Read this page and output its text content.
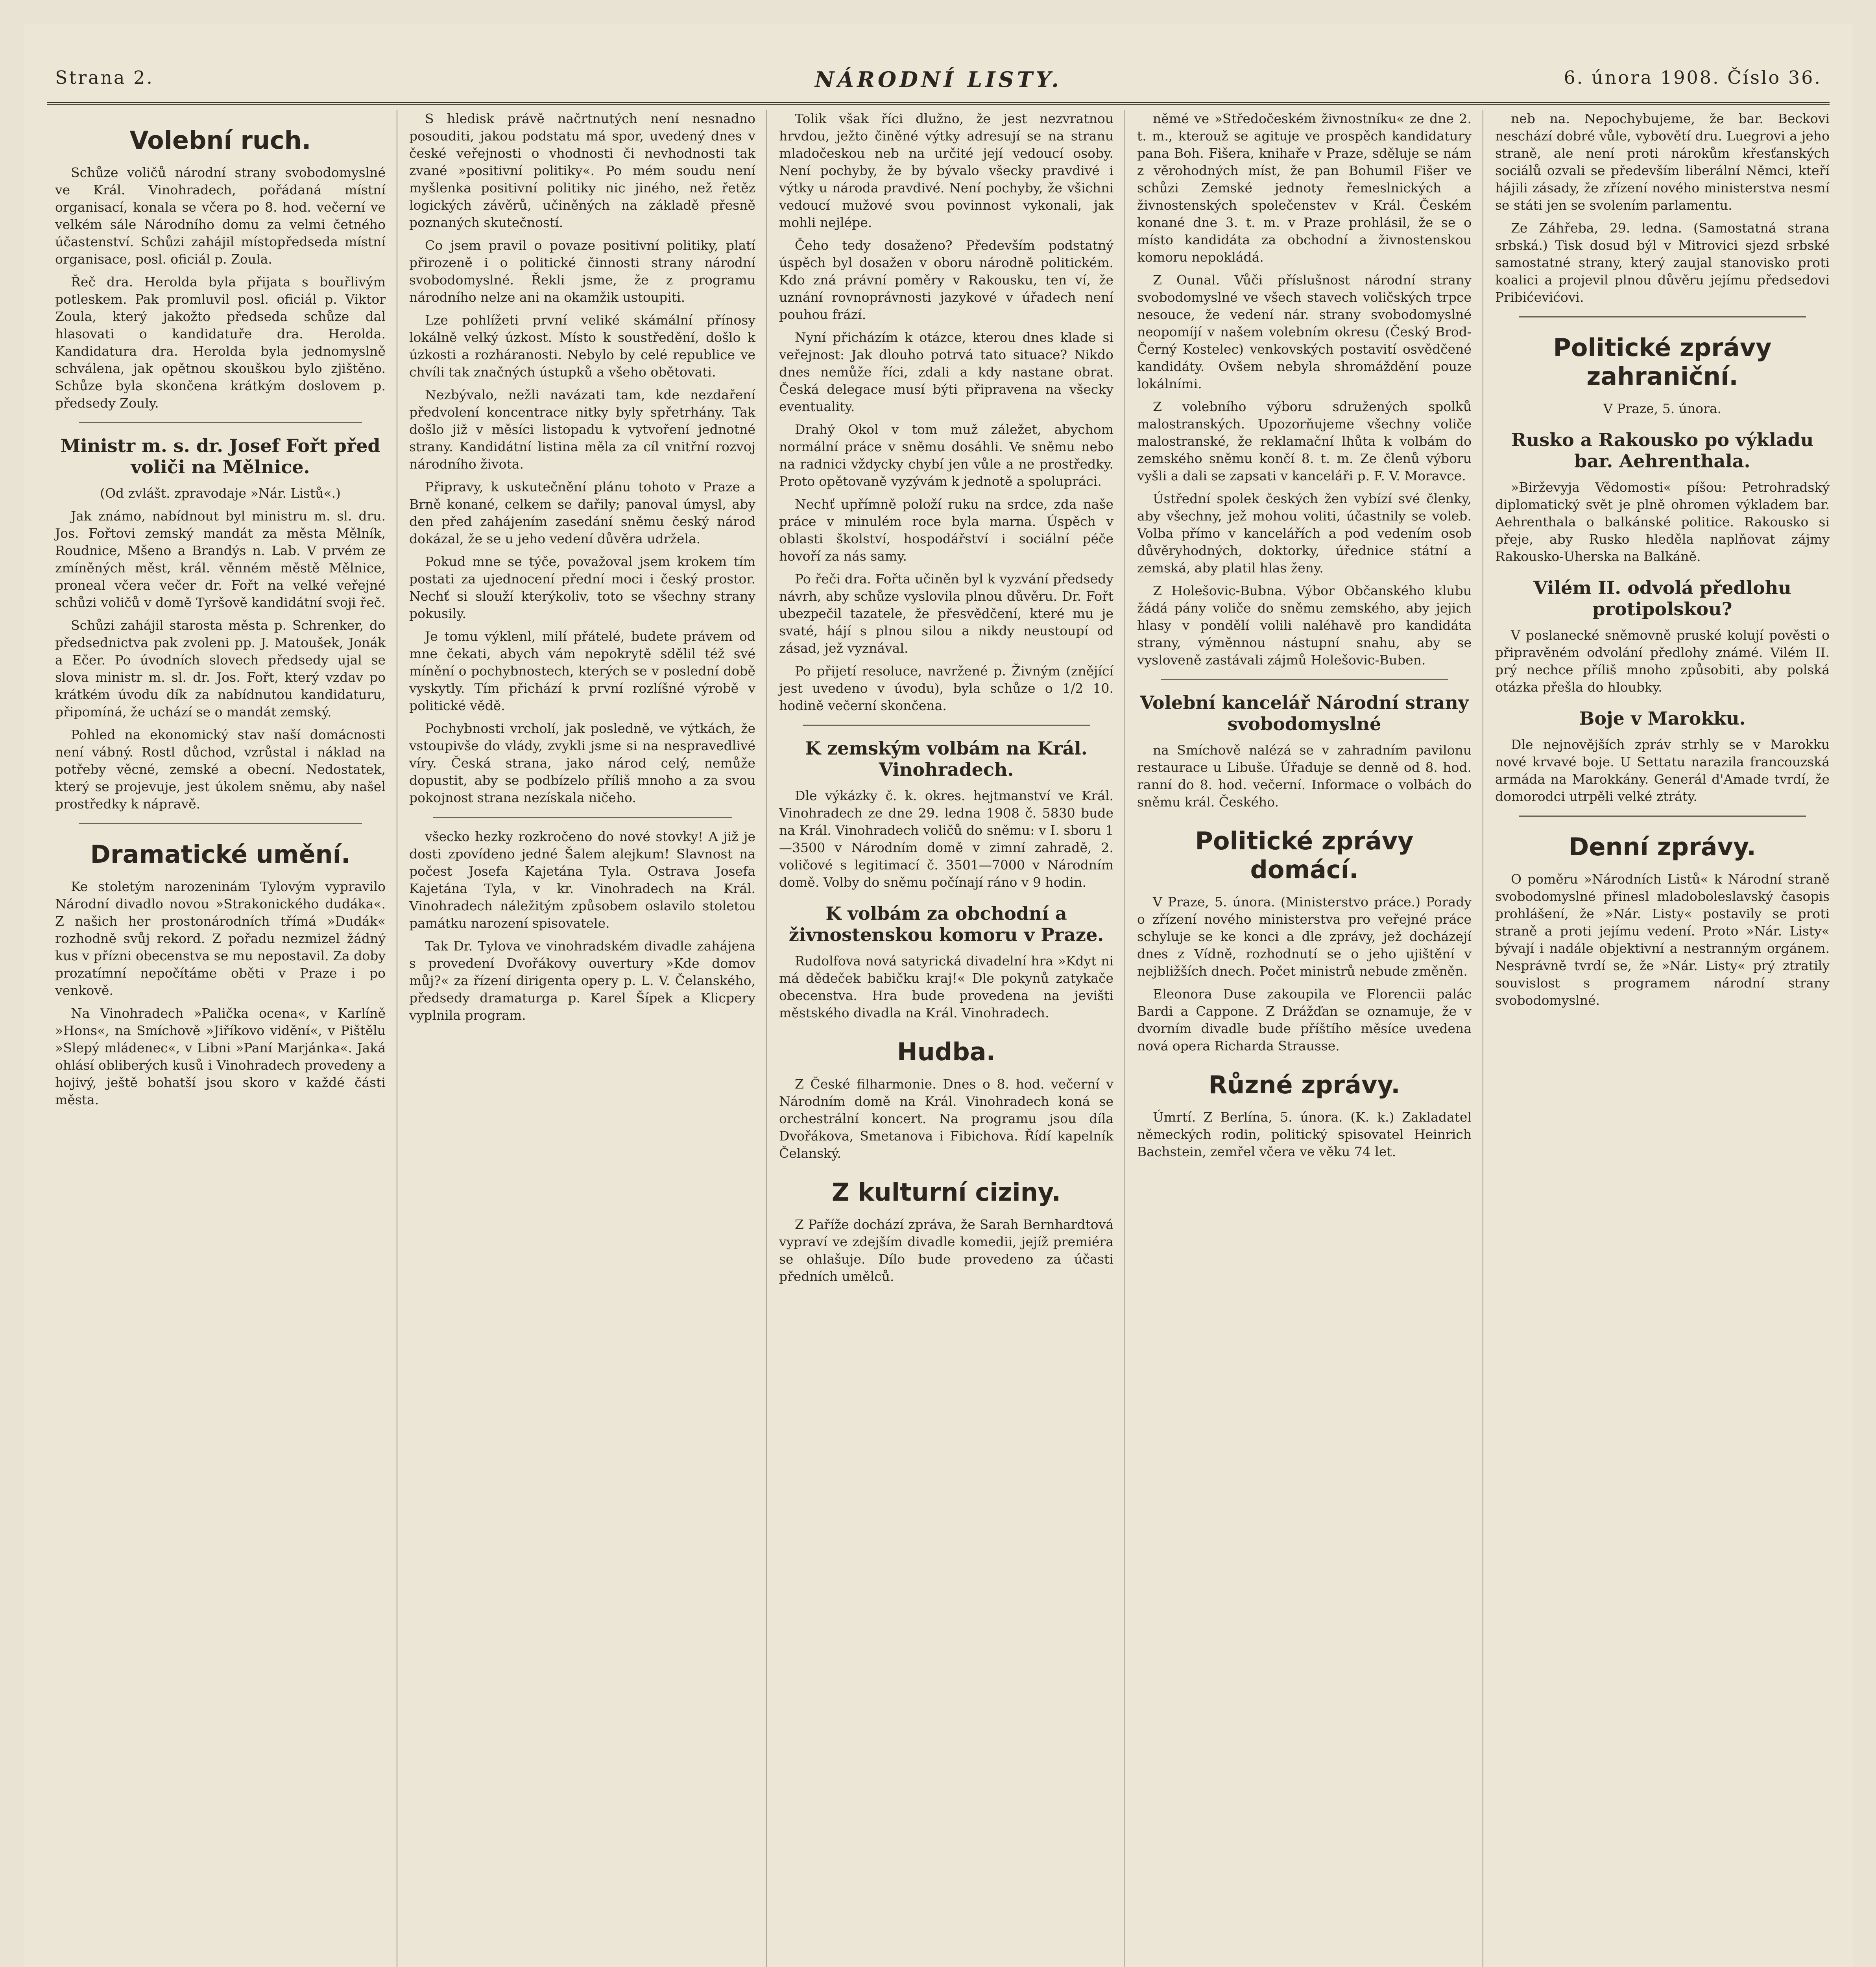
Strana 2.	NÁRODNÍ LISTY.	6. února 1908. Číslo 36.
Volební ruch.

Schůze voličů národní strany svobodomyslné ve Král. Vinohradech, pořádaná místní organisací, konala se včera po 8. hod. večerní ve velkém sále Národního domu za velmi četného účastenství. Schůzi zahájil místopředseda místní organisace, posl. oficiál p. Zoula.

Řeč dra. Herolda byla přijata s bouřlivým potleskem. Pak promluvil posl. oficiál p. Viktor Zoula, který jakožto předseda schůze dal hlasovati o kandidatuře dra. Herolda. Kandidatura dra. Herolda byla jednomyslně schválena, jak opětnou skouškou bylo zjištěno. Schůze byla skončena krátkým doslovem p. předsedy Zouly.

Ministr m. s. dr. Josef Fořt před voliči na Mělnice.

(Od zvlášt. zpravodaje »Nár. Listů«.)

Jak známo, nabídnout byl ministru m. sl. dru. Jos. Fořtovi zemský mandát za města Mělník, Roudnice, Mšeno a Brandýs n. Lab. V prvém ze zmíněných měst, král. věnném městě Mělnice, proneal včera večer dr. Fořt na velké veřejné schůzi voličů v domě Tyršově kandidátní svoji řeč.

Schůzi zahájil starosta města p. Schrenker, do předsednictva pak zvoleni pp. J. Matoušek, Jonák a Ečer. Po úvodních slovech předsedy ujal se slova ministr m. sl. dr. Jos. Fořt, který vzdav po krátkém úvodu dík za nabídnutou kandidaturu, připomíná, že uchází se o mandát zemský.

Pohled na ekonomický stav naší domácnosti není vábný. Rostl důchod, vzrůstal i náklad na potřeby věcné, zemské a obecní. Nedostatek, který se projevuje, jest úkolem sněmu, aby našel prostředky k nápravě.

Dramatické umění.

Ke stoletým narozeninám Tylovým vypravilo Národní divadlo novou »Strakonického dudáka«. Z našich her prostonárodních třímá »Dudák« rozhodně svůj rekord. Z pořadu nezmizel žádný kus v přízni obecenstva se mu nepostavil. Za doby prozatímní nepočítáme oběti v Praze i po venkově.

Na Vinohradech »Palička ocena«, v Karlíně »Hons«, na Smíchově »Jiříkovo vidění«, v Pištělu »Slepý mládenec«, v Libni »Paní Marjánka«. Jaká ohlásí obliberých kusů i Vinohradech provedeny a hojivý, ještě bohatší jsou skoro v každé části města.

S hledisk právě načrtnutých není nesnadno posouditi, jakou podstatu má spor, uvedený dnes v české veřejnosti o vhodnosti či nevhodnosti tak zvané »positivní politiky«. Po mém soudu není myšlenka positivní politiky nic jiného, než řetěz logických závěrů, učiněných na základě přesně poznaných skutečností.

Co jsem pravil o povaze positivní politiky, platí přirozeně i o politické činnosti strany národní svobodomyslné. Řekli jsme, že z programu národního nelze ani na okamžik ustoupiti.

Lze pohlížeti první veliké skámální přínosy lokálně velký úzkost. Místo k soustředění, došlo k úzkosti a rozháranosti. Nebylo by celé republice ve chvíli tak značných ústupků a všeho obětovati.

Nezbývalo, nežli navázati tam, kde nezdaření předvolení koncentrace nitky byly spřetrhány. Tak došlo již v měsíci listopadu k vytvoření jednotné strany. Kandidátní listina měla za cíl vnitřní rozvoj národního života.

Připravy, k uskutečnění plánu tohoto v Praze a Brně konané, celkem se dařily; panoval úmysl, aby den před zahájením zasedání sněmu český národ dokázal, že se u jeho vedení důvěra udržela.

Pokud mne se týče, považoval jsem krokem tím postati za ujednocení přední moci i český prostor. Nechť si slouží kterýkoliv, toto se všechny strany pokusily.

Je tomu výklenl, milí přátelé, budete právem od mne čekati, abych vám nepokrytě sdělil též své mínění o pochybnostech, kterých se v poslední době vyskytly. Tím přichází k první rozlíšné výrobě v politické vědě.

Pochybnosti vrcholí, jak posledně, ve výtkách, že vstoupivše do vlády, zvykli jsme si na nespravedlivé víry. Česká strana, jako národ celý, nemůže dopustit, aby se podbízelo příliš mnoho a za svou pokojnost strana nezískala ničeho.

všecko hezky rozkročeno do nové stovky! A již je dosti zpovídeno jedné Šalem alejkum! Slavnost na počest Josefa Kajetána Tyla. Ostrava Josefa Kajetána Tyla, v kr. Vinohradech na Král. Vinohradech náležitým způsobem oslavilo stoletou památku narození spisovatele.

Tak Dr. Tylova ve vinohradském divadle zahájena s provedení Dvořákovy ouvertury »Kde domov můj?« za řízení dirigenta opery p. L. V. Čelanského, předsedy dramaturga p. Karel Šípek a Klicpery vyplnila program.

Tolik však říci dlužno, že jest nezvratnou hrvdou, ježto činěné výtky adresují se na stranu mladočeskou neb na určité její vedoucí osoby. Není pochyby, že by bývalo všecky pravdivé i výtky u národa pravdivé. Není pochyby, že všichni vedoucí mužové svou povinnost vykonali, jak mohli nejlépe.

Čeho tedy dosaženo? Především podstatný úspěch byl dosažen v oboru národně politickém. Kdo zná právní poměry v Rakousku, ten ví, že uznání rovnoprávnosti jazykové v úřadech není pouhou frází.

Nyní přicházím k otázce, kterou dnes klade si veřejnost: Jak dlouho potrvá tato situace? Nikdo dnes nemůže říci, zdali a kdy nastane obrat. Česká delegace musí býti připravena na všecky eventuality.

Drahý Okol v tom muž záležet, abychom normální práce v sněmu dosáhli. Ve sněmu nebo na radnici vždycky chybí jen vůle a ne prostředky. Proto opětovaně vyzývám k jednotě a spolupráci.

Nechť upřímně položí ruku na srdce, zda naše práce v minulém roce byla marna. Úspěch v oblasti školství, hospodářství i sociální péče hovoří za nás samy.

Po řeči dra. Fořta učiněn byl k vyzvání předsedy návrh, aby schůze vyslovila plnou důvěru. Dr. Fořt ubezpečil tazatele, že přesvědčení, které mu je svaté, hájí s plnou silou a nikdy neustoupí od zásad, jež vyznával.

Po přijetí resoluce, navržené p. Živným (znějící jest uvedeno v úvodu), byla schůze o 1/2 10. hodině večerní skončena.

K zemským volbám na Král. Vinohradech.

Dle výkázky č. k. okres. hejtmanství ve Král. Vinohradech ze dne 29. ledna 1908 č. 5830 bude na Král. Vinohradech voličů do sněmu: v I. sboru 1—3500 v Národním domě v zimní zahradě, 2. voličové s legitimací č. 3501—7000 v Národním domě. Volby do sněmu počínají ráno v 9 hodin.

K volbám za obchodní a živnostenskou komoru v Praze.

Rudolfova nová satyrická divadelní hra »Kdyt ni má dědeček babičku kraj!« Dle pokynů zatykače obecenstva. Hra bude provedena na jevišti městského divadla na Král. Vinohradech.

Hudba.

Z České filharmonie. Dnes o 8. hod. večerní v Národním domě na Král. Vinohradech koná se orchestrální koncert. Na programu jsou díla Dvořákova, Smetanova i Fibichova. Řídí kapelník Čelanský.

Z kulturní ciziny.

Z Paříže dochází zpráva, že Sarah Bernhardtová vypraví ve zdejším divadle komedii, jejíž premiéra se ohlašuje. Dílo bude provedeno za účasti předních umělců.

němé ve »Středočeském živnostníku« ze dne 2. t. m., kterouž se agituje ve prospěch kandidatury pana Boh. Fišera, knihaře v Praze, sděluje se nám z věrohodných míst, že pan Bohumil Fišer ve schůzi Zemské jednoty řemeslnických a živnostenských společenstev v Král. Českém konané dne 3. t. m. v Praze prohlásil, že se o místo kandidáta za obchodní a živnostenskou komoru nepokládá.

Z Ounal. Vůči příslušnost národní strany svobodomyslné ve všech stavech voličských trpce nesouce, že vedení nár. strany svobodomyslné neopomíjí v našem volebním okresu (Český Brod-Černý Kostelec) venkovských postavití osvědčené kandidáty. Ovšem nebyla shromáždění pouze lokálními.

Z volebního výboru sdružených spolků malostranských. Upozorňujeme všechny voliče malostranské, že reklamační lhůta k volbám do zemského sněmu končí 8. t. m. Ze členů výboru vyšli a dali se zapsati v kanceláři p. F. V. Moravce.

Ústřední spolek českých žen vybízí své členky, aby všechny, jež mohou voliti, účastnily se voleb. Volba přímo v kancelářích a pod vedením osob důvěryhodných, doktorky, úřednice státní a zemská, aby platil hlas ženy.

Z Holešovic-Bubna. Výbor Občanského klubu žádá pány voliče do sněmu zemského, aby jejich hlasy v pondělí volili naléhavě pro kandidáta strany, výměnnou nástupní snahu, aby se vysloveně zastávali zájmů Holešovic-Buben.

Volební kancelář Národní strany svobodomyslné

na Smíchově nalézá se v zahradním pavilonu restaurace u Libuše. Úřaduje se denně od 8. hod. ranní do 8. hod. večerní. Informace o volbách do sněmu král. Českého.

Politické zprávy domácí.

V Praze, 5. února. (Ministerstvo práce.) Porady o zřízení nového ministerstva pro veřejné práce schyluje se ke konci a dle zprávy, jež docházejí dnes z Vídně, rozhodnutí se o jeho ujištění v nejbližších dnech. Počet ministrů nebude změněn.

Eleonora Duse zakoupila ve Florencii palác Bardi a Cappone. Z Drážďan se oznamuje, že v dvorním divadle bude příštího měsíce uvedena nová opera Richarda Strausse.

Různé zprávy.

Úmrtí. Z Berlína, 5. února. (K. k.) Zakladatel německých rodin, politický spisovatel Heinrich Bachstein, zemřel včera ve věku 74 let.

neb na. Nepochybujeme, že bar. Beckovi neschází dobré vůle, vybovětí dru. Luegrovi a jeho straně, ale není proti nárokům křesťanských sociálů ozvali se především liberální Němci, kteří hájili zásady, že zřízení nového ministerstva nesmí se státi jen se svolením parlamentu.

Ze Záhřeba, 29. ledna. (Samostatná strana srbská.) Tisk dosud býl v Mitrovici sjezd srbské samostatné strany, který zaujal stanovisko proti koalici a projevil plnou důvěru jejímu předsedovi Pribićevićovi.

Politické zprávy zahraniční.

V Praze, 5. února.

Rusko a Rakousko po výkladu bar. Aehrenthala.

»Birževyja Vědomosti« píšou: Petrohradský diplomatický svět je plně ohromen výkladem bar. Aehrenthala o balkánské politice. Rakousko si přeje, aby Rusko hleděla naplňovat zájmy Rakousko-Uherska na Balkáně.

Vilém II. odvolá předlohu protipolskou?

V poslanecké sněmovně pruské kolují pověsti o připravěném odvolání předlohy známé. Vilém II. prý nechce příliš mnoho způsobiti, aby polská otázka přešla do hloubky.

Boje v Marokku.

Dle nejnovějších zpráv strhly se v Marokku nové krvavé boje. U Settatu narazila francouzská armáda na Marokkány. Generál d'Amade tvrdí, že domorodci utrpěli velké ztráty.

Denní zprávy.

O poměru »Národních Listů« k Národní straně svobodomyslné přinesl mladoboleslavský časopis prohlášení, že »Nár. Listy« postavily se proti straně a proti jejímu vedení. Proto »Nár. Listy« bývají i nadále objektivní a nestranným orgánem. Nesprávně tvrdí se, že »Nár. Listy« prý ztratily souvislost s programem národní strany svobodomyslné.
